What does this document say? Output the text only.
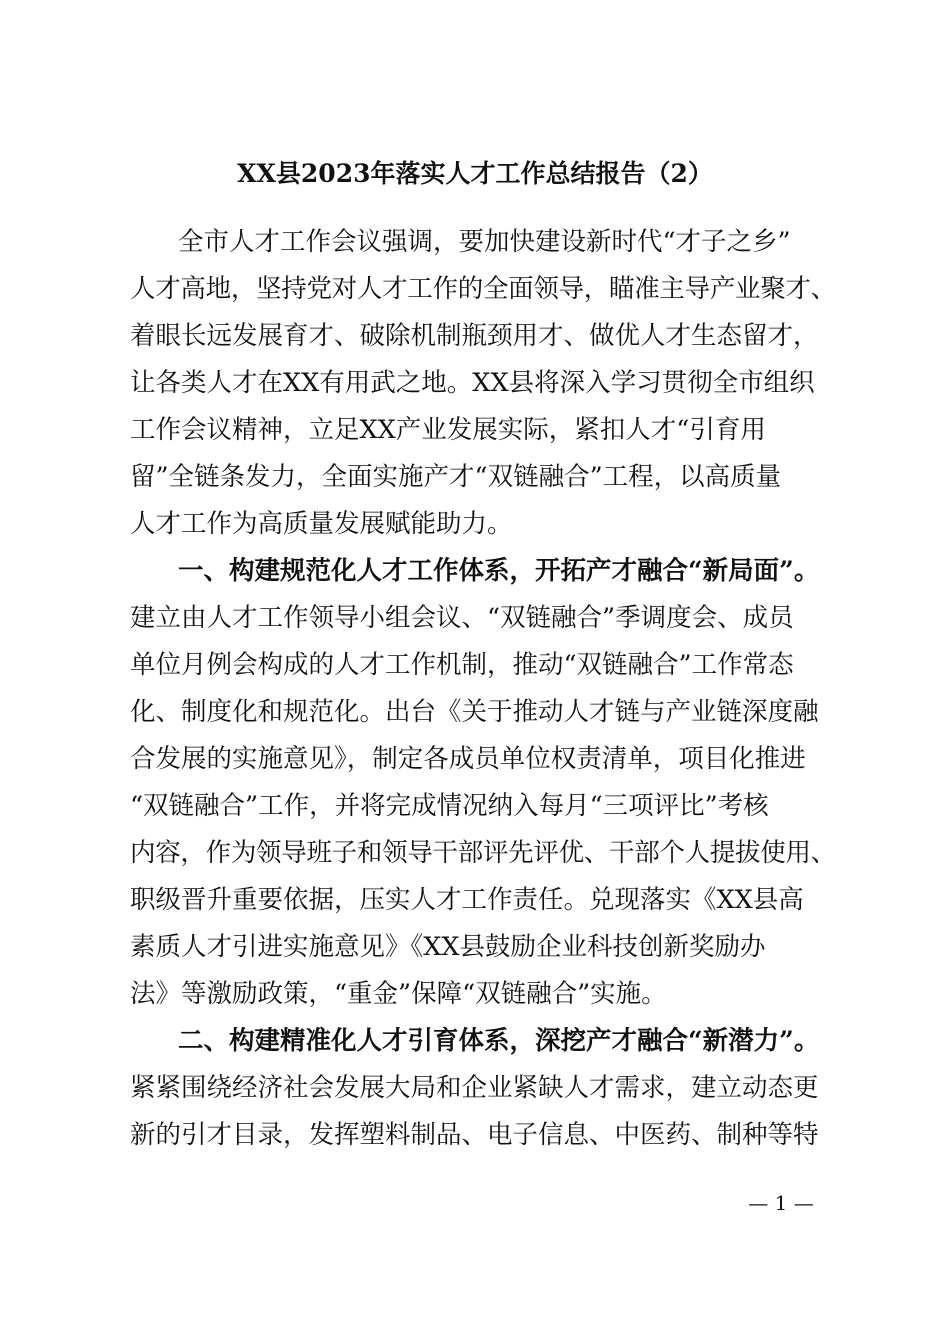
XX县2023年落实人才工作总结报告（2）
全市人才工作会议强调，要加快建设新时代“才子之乡”
人才高地，坚持党对人才工作的全面领导，瞄准主导产业聚才、
着眼长远发展育才、破除机制瓶颈用才、做优人才生态留才，
让各类人才在XX有用武之地。XX县将深入学习贯彻全市组织
工作会议精神，立足XX产业发展实际，紧扣人才“引育用
留”全链条发力，全面实施产才“双链融合”工程，以高质量
人才工作为高质量发展赋能助力。
一、构建规范化人才工作体系，开拓产才融合“新局面”。
建立由人才工作领导小组会议、“双链融合”季调度会、成员
单位月例会构成的人才工作机制，推动“双链融合”工作常态
化、制度化和规范化。出台《关于推动人才链与产业链深度融
合发展的实施意见》，制定各成员单位权责清单，项目化推进
“双链融合”工作，并将完成情况纳入每月“三项评比”考核
内容，作为领导班子和领导干部评先评优、干部个人提拔使用、
职级晋升重要依据，压实人才工作责任。兑现落实《XX县高
素质人才引进实施意见》《XX县鼓励企业科技创新奖励办
法》等激励政策，“重金”保障“双链融合”实施。
二、构建精准化人才引育体系，深挖产才融合“新潜力”。
紧紧围绕经济社会发展大局和企业紧缺人才需求，建立动态更
新的引才目录，发挥塑料制品、电子信息、中医药、制种等特
— 1 —
